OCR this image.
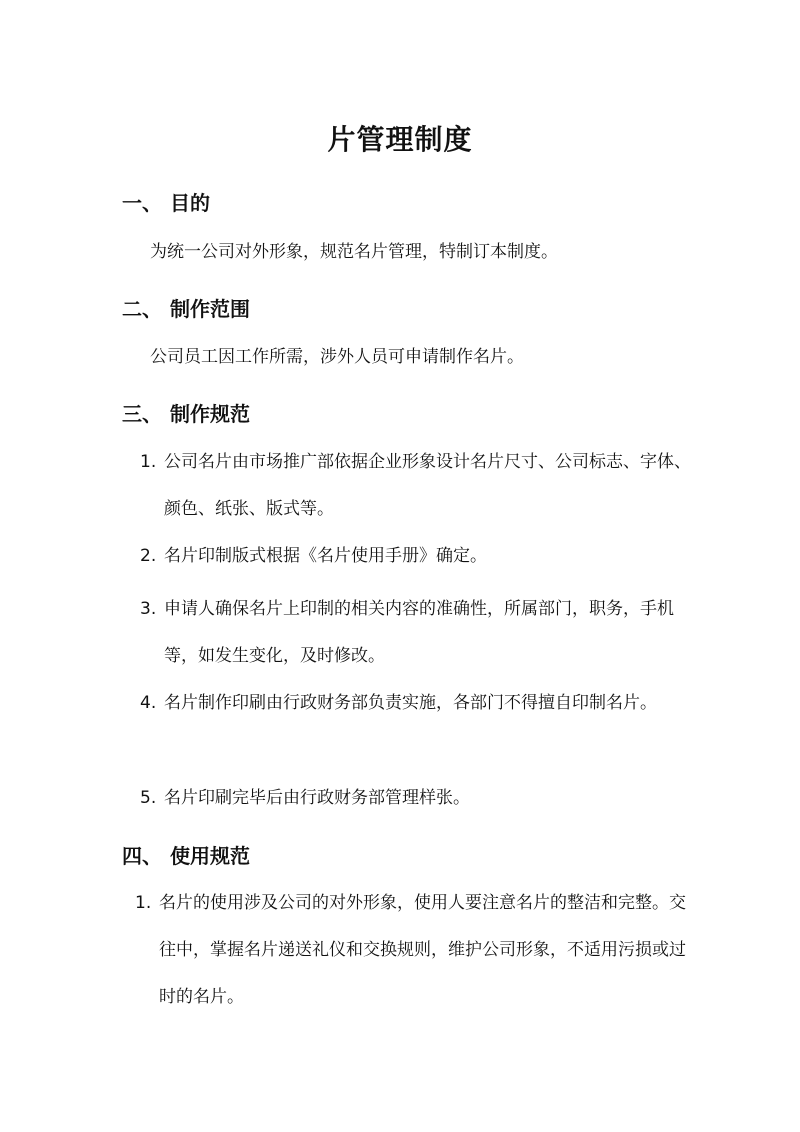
片管理制度
一、 目的

为统一公司对外形象，规范名片管理，特制订本制度。

二、 制作范围

公司员工因工作所需，涉外人员可申请制作名片。

三、 制作规范
1. 公司名片由市场推广部依据企业形象设计名片尺寸、公司标志、字体、颜色、纸张、版式等。
2. 名片印制版式根据《名片使用手册》确定。
3. 申请人确保名片上印制的相关内容的准确性，所属部门，职务，手机等，如发生变化，及时修改。
4. 名片制作印刷由行政财务部负责实施，各部门不得擅自印制名片。
5. 名片印刷完毕后由行政财务部管理样张。
四、 使用规范
1. 名片的使用涉及公司的对外形象，使用人要注意名片的整洁和完整。交往中，掌握名片递送礼仪和交换规则，维护公司形象，不适用污损或过时的名片。
